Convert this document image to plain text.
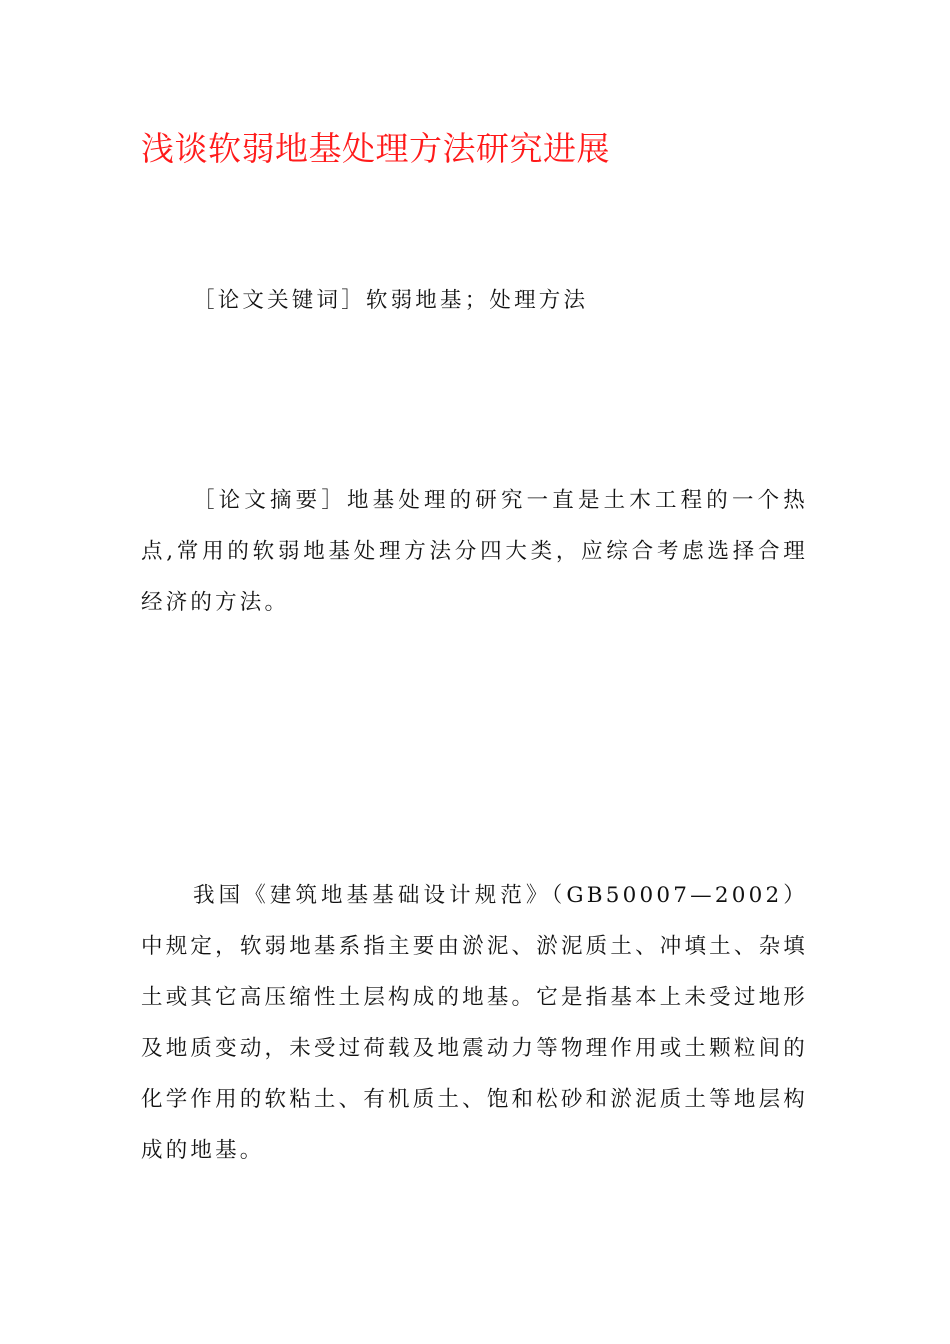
浅谈软弱地基处理方法研究进展

［论文关键词］软弱地基；处理方法

［论文摘要］地基处理的研究一直是土木工程的一个热点,常用的软弱地基处理方法分四大类，应综合考虑选择合理经济的方法。

我国《建筑地基基础设计规范》（GB50007—2002）中规定，软弱地基系指主要由淤泥、淤泥质土、冲填土、杂填土或其它高压缩性土层构成的地基。它是指基本上未受过地形及地质变动，未受过荷载及地震动力等物理作用或土颗粒间的化学作用的软粘土、有机质土、饱和松砂和淤泥质土等地层构成的地基。
